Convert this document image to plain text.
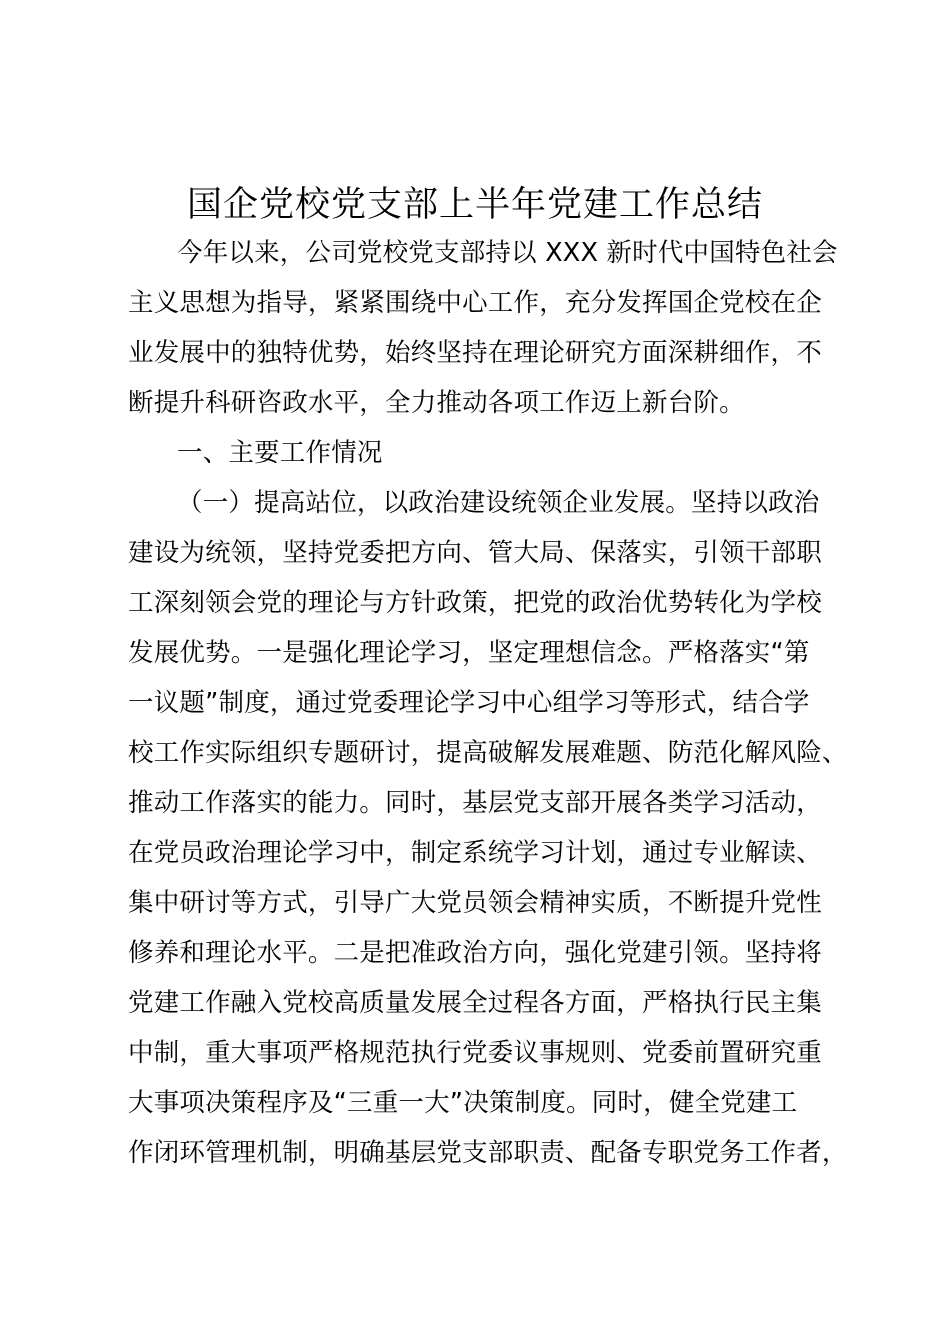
国企党校党支部上半年党建工作总结
今年以来，公司党校党支部持以 XXX 新时代中国特色社会
主义思想为指导，紧紧围绕中心工作，充分发挥国企党校在企
业发展中的独特优势，始终坚持在理论研究方面深耕细作，不
断提升科研咨政水平，全力推动各项工作迈上新台阶。
一、主要工作情况
（一）提高站位，以政治建设统领企业发展。坚持以政治
建设为统领，坚持党委把方向、管大局、保落实，引领干部职
工深刻领会党的理论与方针政策，把党的政治优势转化为学校
发展优势。一是强化理论学习，坚定理想信念。严格落实“第
一议题”制度，通过党委理论学习中心组学习等形式，结合学
校工作实际组织专题研讨，提高破解发展难题、防范化解风险、
推动工作落实的能力。同时，基层党支部开展各类学习活动，
在党员政治理论学习中，制定系统学习计划，通过专业解读、
集中研讨等方式，引导广大党员领会精神实质，不断提升党性
修养和理论水平。二是把准政治方向，强化党建引领。坚持将
党建工作融入党校高质量发展全过程各方面，严格执行民主集
中制，重大事项严格规范执行党委议事规则、党委前置研究重
大事项决策程序及“三重一大”决策制度。同时，健全党建工
作闭环管理机制，明确基层党支部职责、配备专职党务工作者，
